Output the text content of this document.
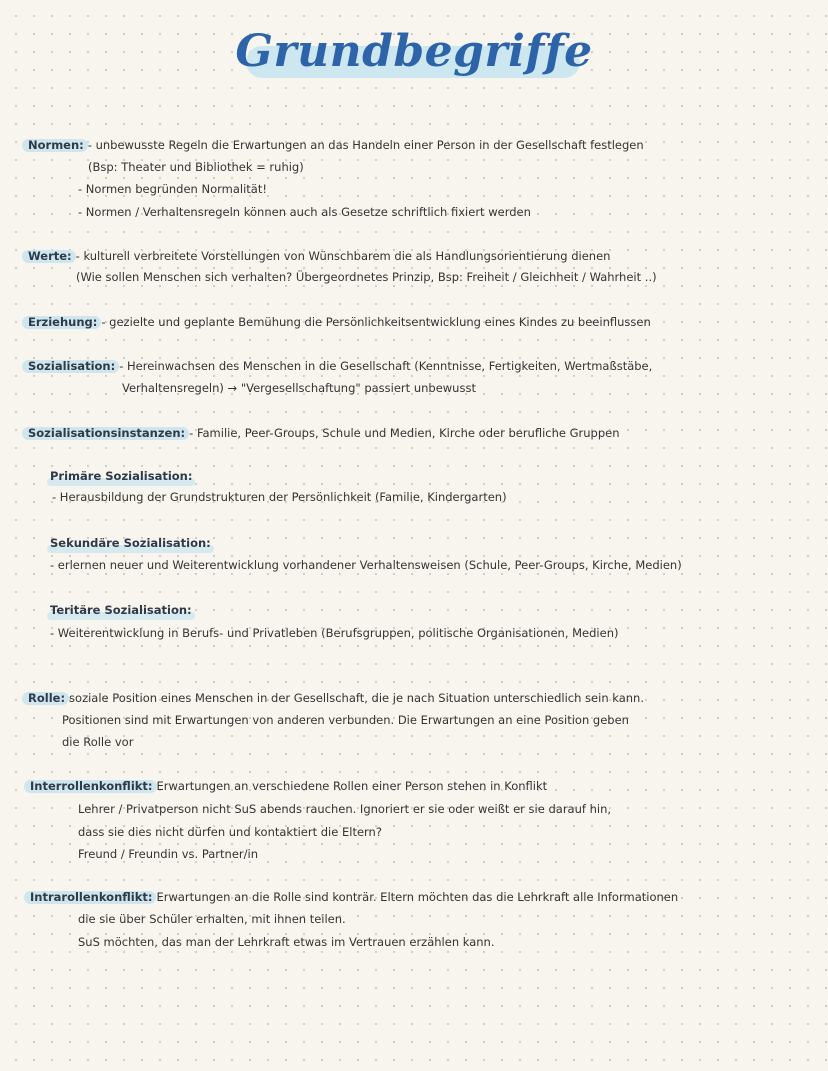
Grundbegriffe
Normen: - unbewusste Regeln die Erwartungen an das Handeln einer Person in der Gesellschaft festlegen
(Bsp: Theater und Bibliothek = ruhig)
- Normen begründen Normalität!
- Normen / Verhaltensregeln können auch als Gesetze schriftlich fixiert werden
Werte: - kulturell verbreitete Vorstellungen von Wünschbarem die als Handlungsorientierung dienen
(Wie sollen Menschen sich verhalten? Übergeordnetes Prinzip, Bsp: Freiheit / Gleichheit / Wahrheit ..)
Erziehung: - gezielte und geplante Bemühung die Persönlichkeitsentwicklung eines Kindes zu beeinflussen
Sozialisation: - Hereinwachsen des Menschen in die Gesellschaft (Kenntnisse, Fertigkeiten, Wertmaßstäbe,
Verhaltensregeln) → "Vergesellschaftung" passiert unbewusst
Sozialisationsinstanzen: - Familie, Peer-Groups, Schule und Medien, Kirche oder berufliche Gruppen
Primäre Sozialisation:
- Herausbildung der Grundstrukturen der Persönlichkeit (Familie, Kindergarten)
Sekundäre Sozialisation:
- erlernen neuer und Weiterentwicklung vorhandener Verhaltensweisen (Schule, Peer-Groups, Kirche, Medien)
Teritäre Sozialisation:
- Weiterentwicklung in Berufs- und Privatleben (Berufsgruppen, politische Organisationen, Medien)
Rolle: soziale Position eines Menschen in der Gesellschaft, die je nach Situation unterschiedlich sein kann.
Positionen sind mit Erwartungen von anderen verbunden. Die Erwartungen an eine Position geben
die Rolle vor
Interrollenkonflikt: Erwartungen an verschiedene Rollen einer Person stehen in Konflikt
Lehrer / Privatperson nicht SuS abends rauchen. Ignoriert er sie oder weißt er sie darauf hin,
dass sie dies nicht dürfen und kontaktiert die Eltern?
Freund / Freundin vs. Partner/in
Intrarollenkonflikt: Erwartungen an die Rolle sind konträr. Eltern möchten das die Lehrkraft alle Informationen
die sie über Schüler erhalten, mit ihnen teilen.
SuS möchten, das man der Lehrkraft etwas im Vertrauen erzählen kann.
